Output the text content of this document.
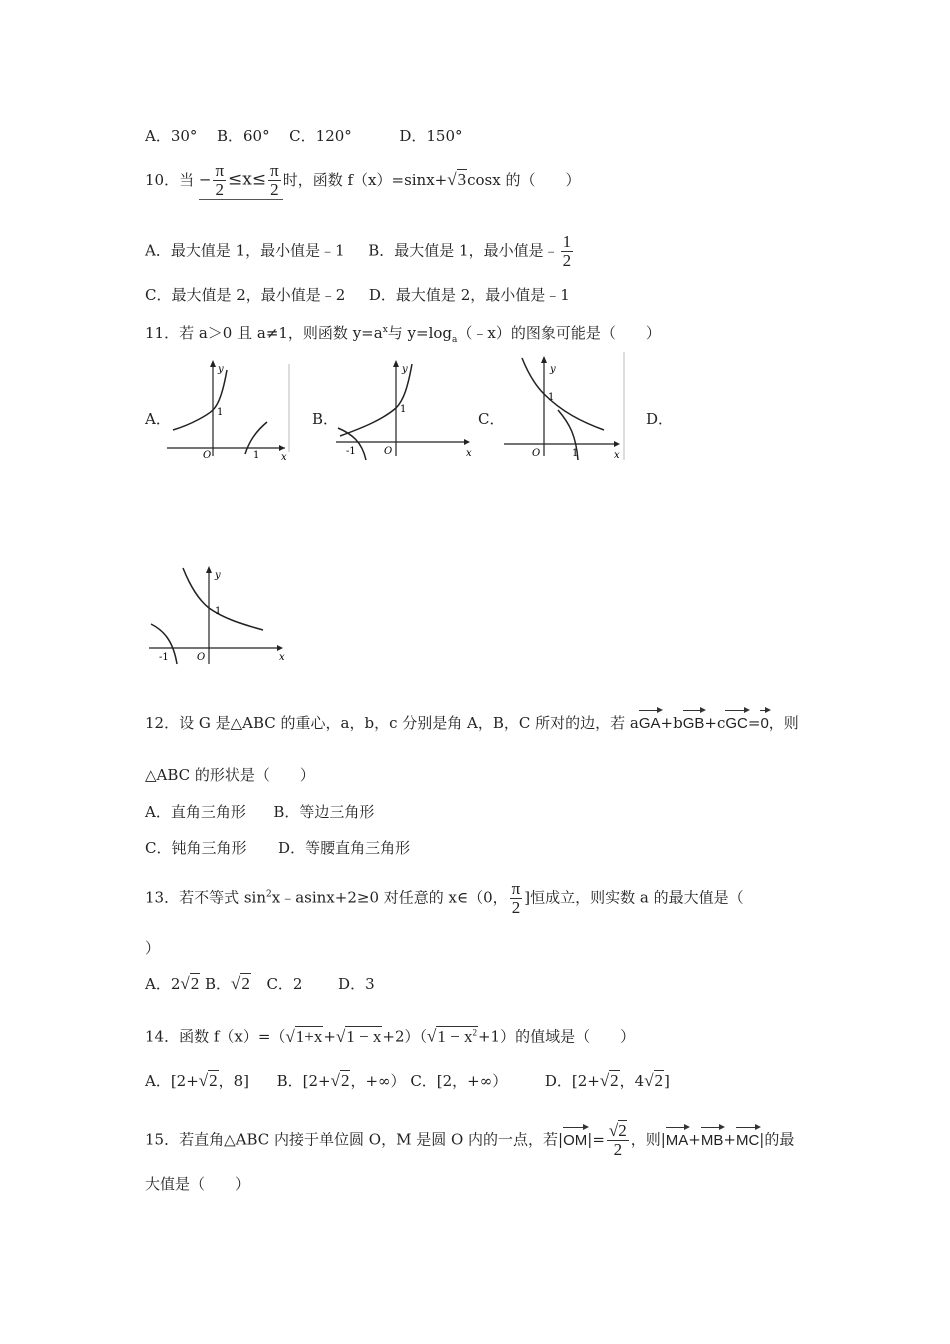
A．30° B．60° C．120°	D．150°
10．当 − $\frac{\pi}{2} \le x\le \frac{\pi}{2}$ 时，函数 f（x）=sinx+√3cosx 的（　　）
A．最大值是 1，最小值是﹣1 B．最大值是 1，最小值是﹣ $\frac{1}{2}$
C．最大值是 2，最小值是﹣2 D．最大值是 2，最小值是﹣1
11．若 a＞0 且 a≠1，则函数 $y=a^x$与 $y=\log_a(﹣x)$的图象可能是（　　）
A．	B．	C．	D．
y
x
O
1
1
y
x
O
1
-1
y
x
O
1
1
y
x
O
1
-1
12．设 G 是△ABC 的重心，a，b，c 分别是角 A，B，C 所对的边，若 aGA+bGB+cGC=0，则
△ABC 的形状是（　　）
A．直角三角形 B．等边三角形
C．钝角三角形 D．等腰直角三角形
13．若不等式 $\sin^2x﹣asinx+2\ge 0$ 对任意的 x∈（0， $\frac{\pi}{2}$ ]恒成立，则实数 a 的最大值是（
）
A．2√2 B．√2 C．2 D．3
14．函数 $f(x)=(√1+x+√1 - x+2)(√1 - x^2+1)$的值域是（　　）
A．[2+√2，8] B．[2+√2，+∞） C．[2，+∞）	D．[2+√2，4√2]
15．若直角△ABC 内接于单位圆 O，M 是圆 O 内的一点，若$|OM|= \frac{√2}{2}$ ，则|MA+MB+MC|的最
大值是（　　）
